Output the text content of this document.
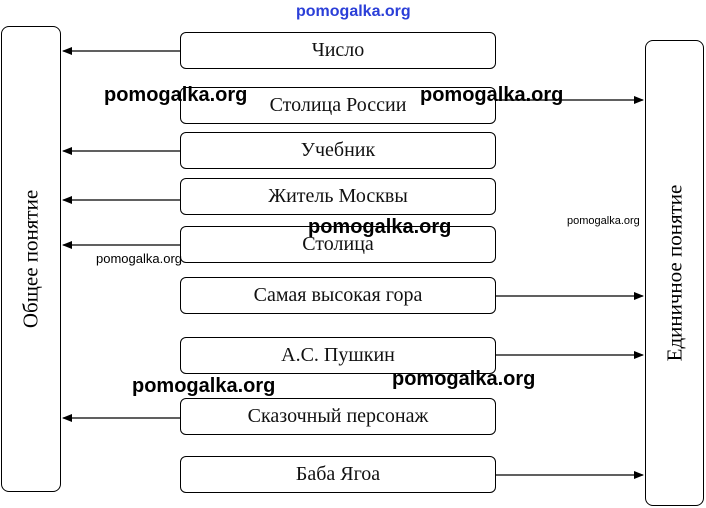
Общее понятие	Единичное понятие
Число
Столица России
Учебник
Житель Москвы
Столица
Самая высокая гора
А.С. Пушкин
Сказочный персонаж
Баба Ягоа
pomogalka.org
pomogalka.org	pomogalka.org
pomogalka.org	pomogalka.org
pomogalka.org
pomogalka.org	pomogalka.org
